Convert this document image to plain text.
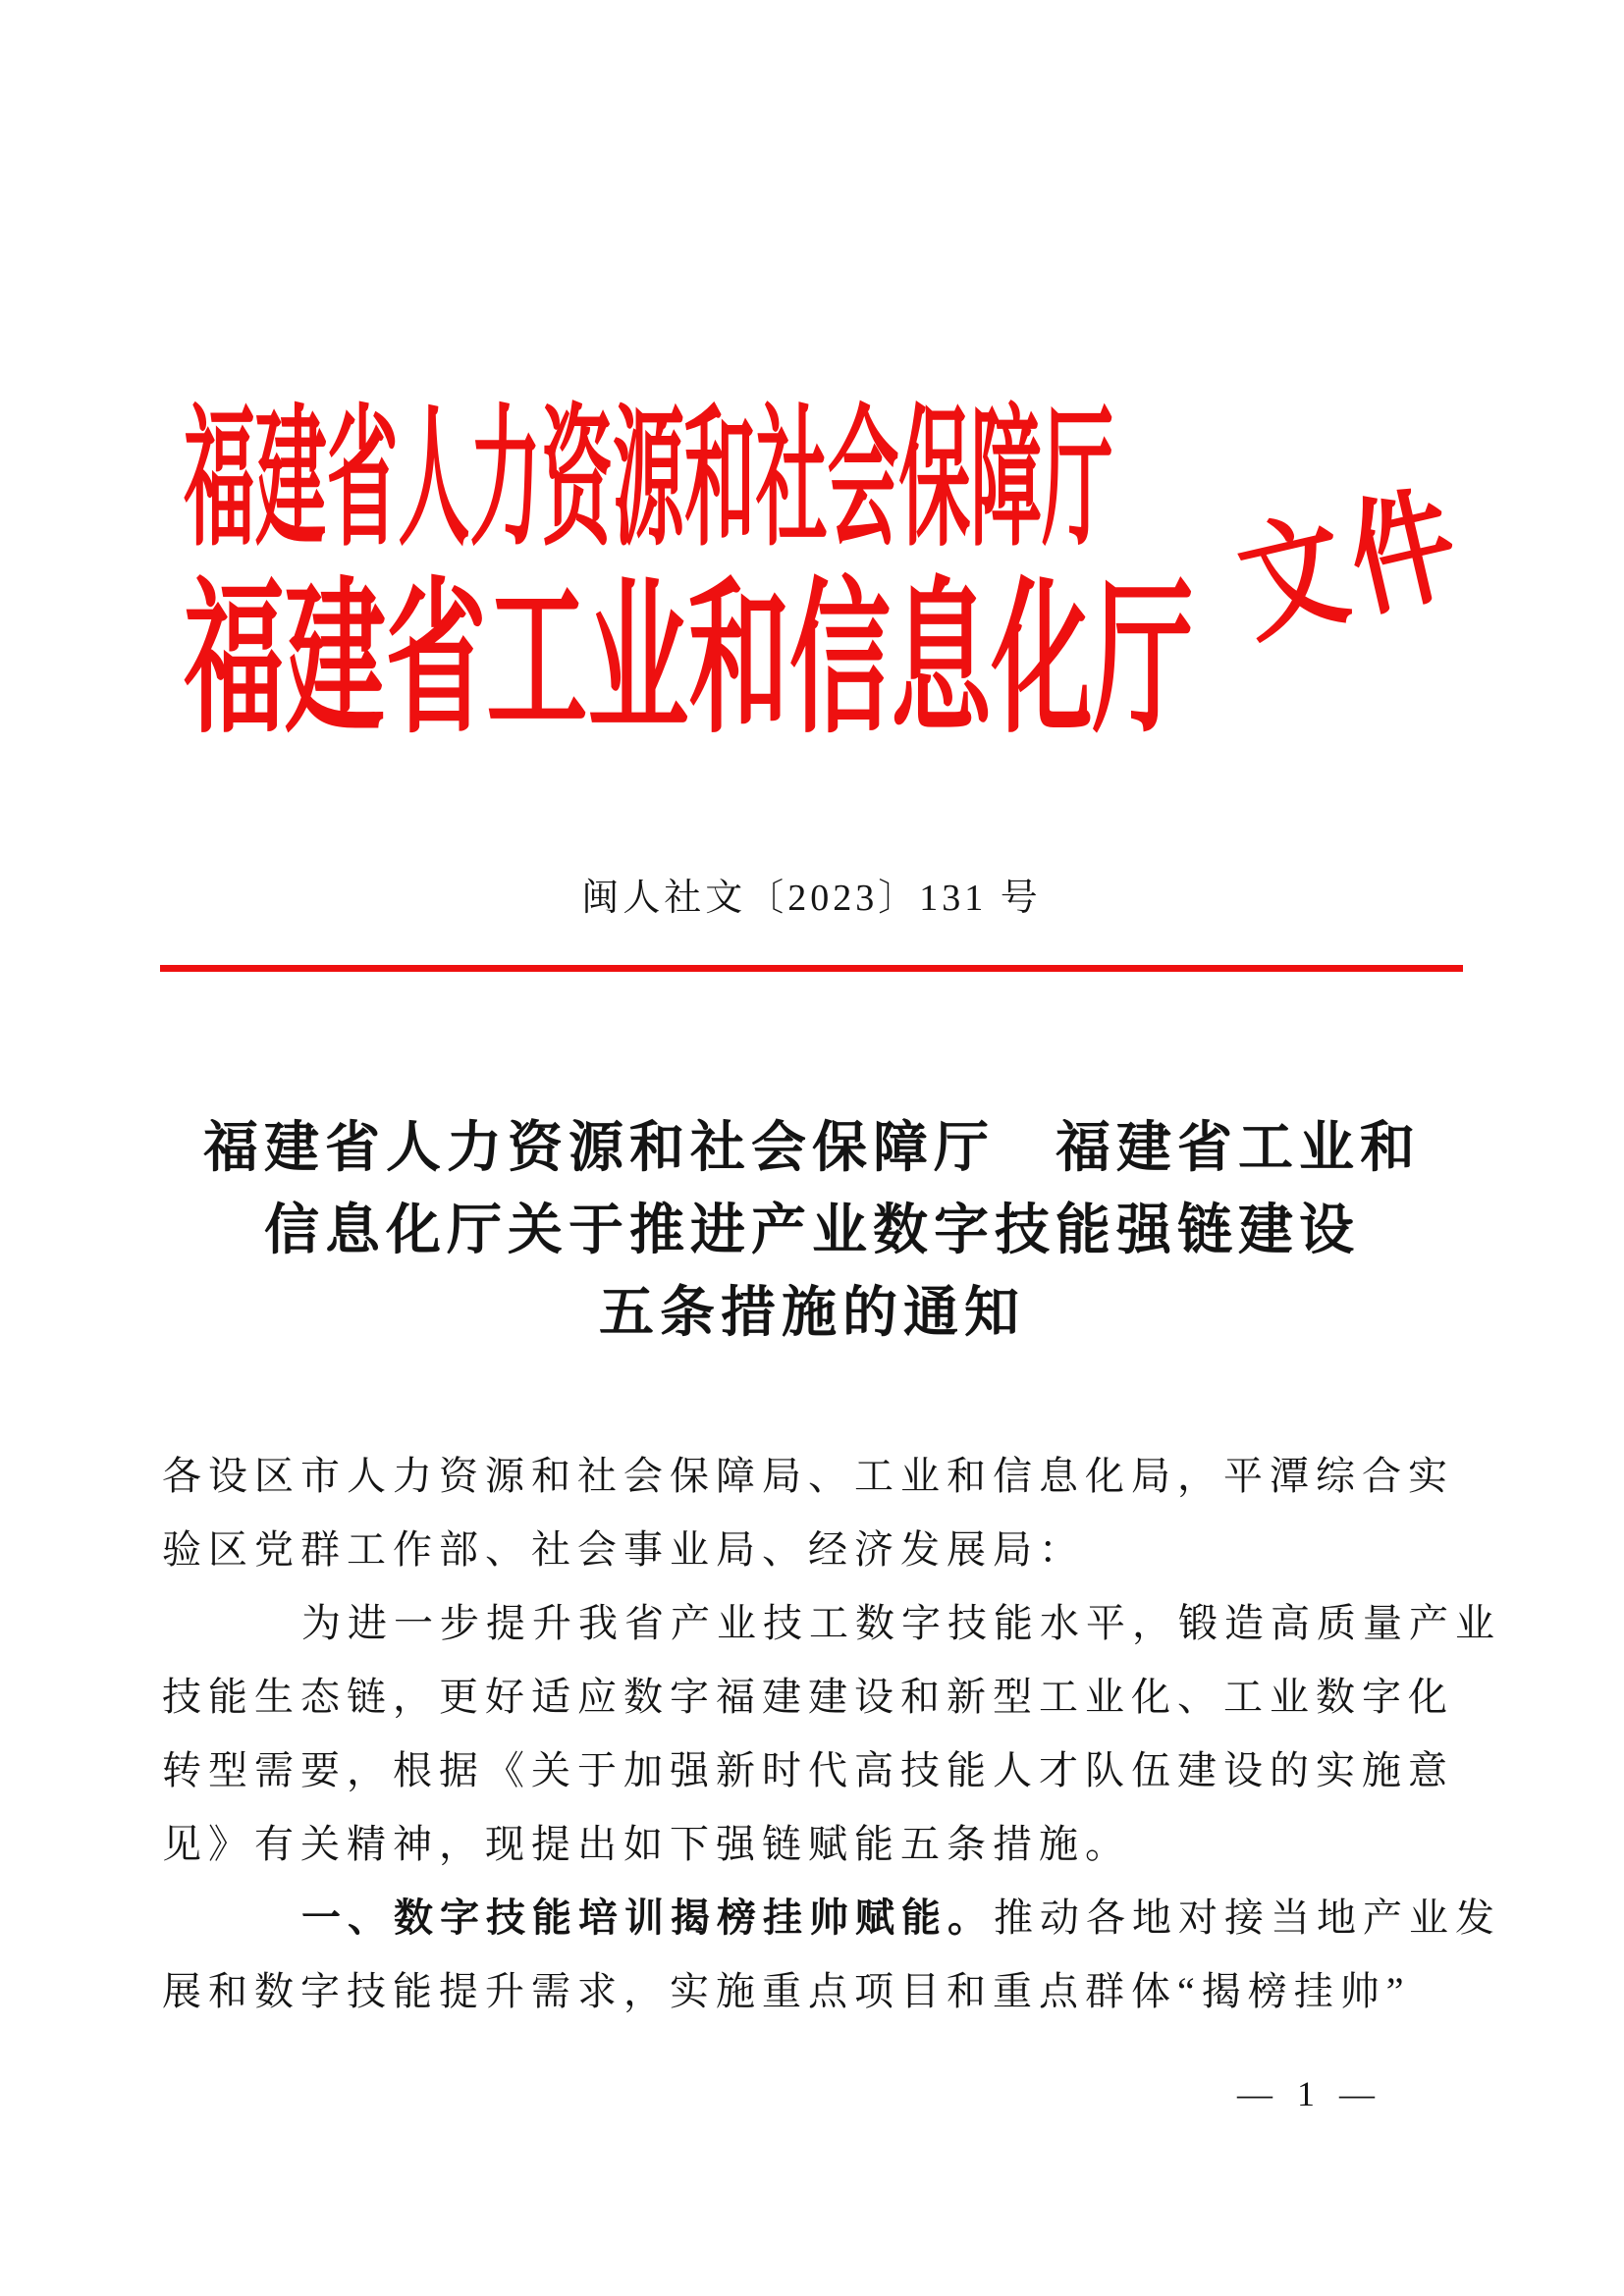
福建省人力资源和社会保障厅
福建省工业和信息化厅
文件
闽人社文〔2023〕131 号
福建省人力资源和社会保障厅　福建省工业和
信息化厅关于推进产业数字技能强链建设
五条措施的通知
各设区市人力资源和社会保障局、工业和信息化局，平潭综合实
验区党群工作部、社会事业局、经济发展局：
为进一步提升我省产业技工数字技能水平，锻造高质量产业
技能生态链，更好适应数字福建建设和新型工业化、工业数字化
转型需要，根据《关于加强新时代高技能人才队伍建设的实施意
见》有关精神，现提出如下强链赋能五条措施。
一、数字技能培训揭榜挂帅赋能。推动各地对接当地产业发
展和数字技能提升需求，实施重点项目和重点群体“揭榜挂帅”
— 1 —
